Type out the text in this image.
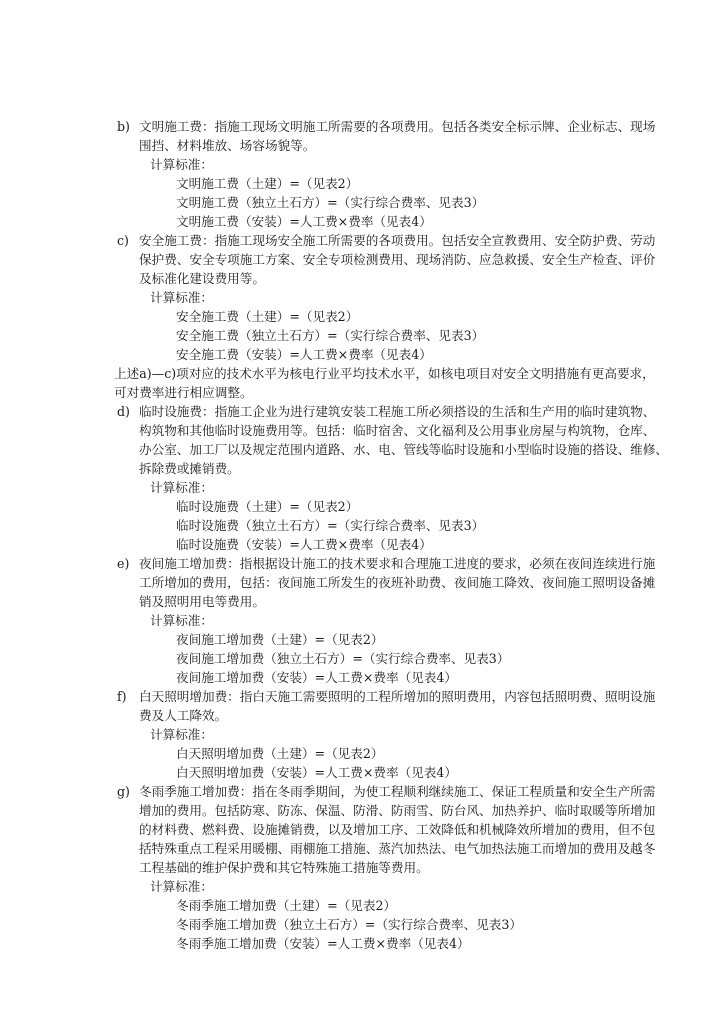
b) 文明施工费：指施工现场文明施工所需要的各项费用。包括各类安全标示牌、企业标志、现场
围挡、材料堆放、场容场貌等。
计算标准：
文明施工费（土建）=（见表2）
文明施工费（独立土石方）=（实行综合费率、见表3）
文明施工费（安装）=人工费×费率（见表4）
c) 安全施工费：指施工现场安全施工所需要的各项费用。包括安全宣教费用、安全防护费、劳动
保护费、安全专项施工方案、安全专项检测费用、现场消防、应急救援、安全生产检查、评价
及标准化建设费用等。
计算标准：
安全施工费（土建）=（见表2）
安全施工费（独立土石方）=（实行综合费率、见表3）
安全施工费（安装）=人工费×费率（见表4）
上述a)—c)项对应的技术水平为核电行业平均技术水平，如核电项目对安全文明措施有更高要求，
可对费率进行相应调整。
d) 临时设施费：指施工企业为进行建筑安装工程施工所必须搭设的生活和生产用的临时建筑物、
构筑物和其他临时设施费用等。包括：临时宿舍、文化福利及公用事业房屋与构筑物，仓库、
办公室、加工厂以及规定范围内道路、水、电、管线等临时设施和小型临时设施的搭设、维修、
拆除费或摊销费。
计算标准：
临时设施费（土建）=（见表2）
临时设施费（独立土石方）=（实行综合费率、见表3）
临时设施费（安装）=人工费×费率（见表4）
e) 夜间施工增加费：指根据设计施工的技术要求和合理施工进度的要求，必须在夜间连续进行施
工所增加的费用，包括：夜间施工所发生的夜班补助费、夜间施工降效、夜间施工照明设备摊
销及照明用电等费用。
计算标准：
夜间施工增加费（土建）=（见表2）
夜间施工增加费（独立土石方）=（实行综合费率、见表3）
夜间施工增加费（安装）=人工费×费率（见表4）
f) 白天照明增加费：指白天施工需要照明的工程所增加的照明费用，内容包括照明费、照明设施
费及人工降效。
计算标准：
白天照明增加费（土建）=（见表2）
白天照明增加费（安装）=人工费×费率（见表4）
g) 冬雨季施工增加费：指在冬雨季期间，为使工程顺利继续施工、保证工程质量和安全生产所需
增加的费用。包括防寒、防冻、保温、防滑、防雨雪、防台风、加热养护、临时取暖等所增加
的材料费、燃料费、设施摊销费，以及增加工序、工效降低和机械降效所增加的费用，但不包
括特殊重点工程采用暖棚、雨棚施工措施、蒸汽加热法、电气加热法施工而增加的费用及越冬
工程基础的维护保护费和其它特殊施工措施等费用。
计算标准：
冬雨季施工增加费（土建）=（见表2）
冬雨季施工增加费（独立土石方）=（实行综合费率、见表3）
冬雨季施工增加费（安装）=人工费×费率（见表4）
